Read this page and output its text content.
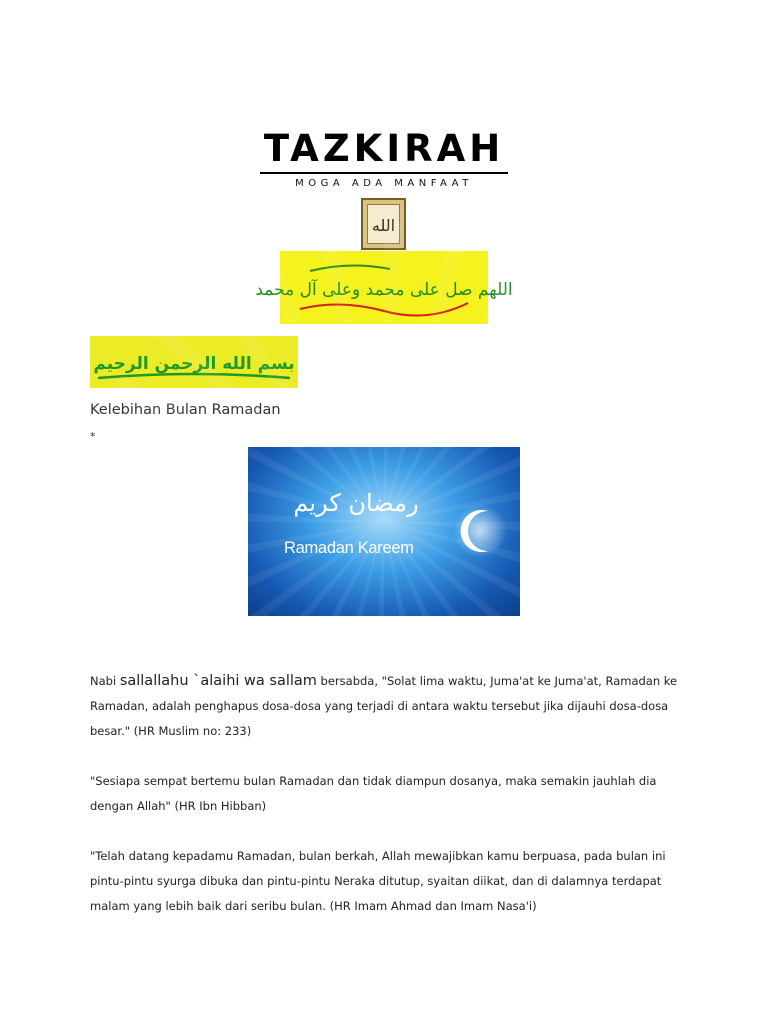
TAZKIRAH
MOGA ADA MANFAAT
الله
اللهم صل على محمد وعلى آل محمد
بسم الله الرحمن الرحيم
Kelebihan Bulan Ramadan
*
رمضان كريم
Ramadan Kareem
Nabi sallallahu `alaihi wa sallam bersabda, "Solat lima waktu, Juma'at ke Juma'at, Ramadan ke Ramadan, adalah penghapus dosa-dosa yang terjadi di antara waktu tersebut jika dijauhi dosa-dosa besar." (HR Muslim no: 233)
"Sesiapa sempat bertemu bulan Ramadan dan tidak diampun dosanya, maka semakin jauhlah dia dengan Allah" (HR Ibn Hibban)
"Telah datang kepadamu Ramadan, bulan berkah, Allah mewajibkan kamu berpuasa, pada bulan ini pintu-pintu syurga dibuka dan pintu-pintu Neraka ditutup, syaitan diikat, dan di dalamnya terdapat malam yang lebih baik dari seribu bulan. (HR Imam Ahmad dan Imam Nasa'i)
